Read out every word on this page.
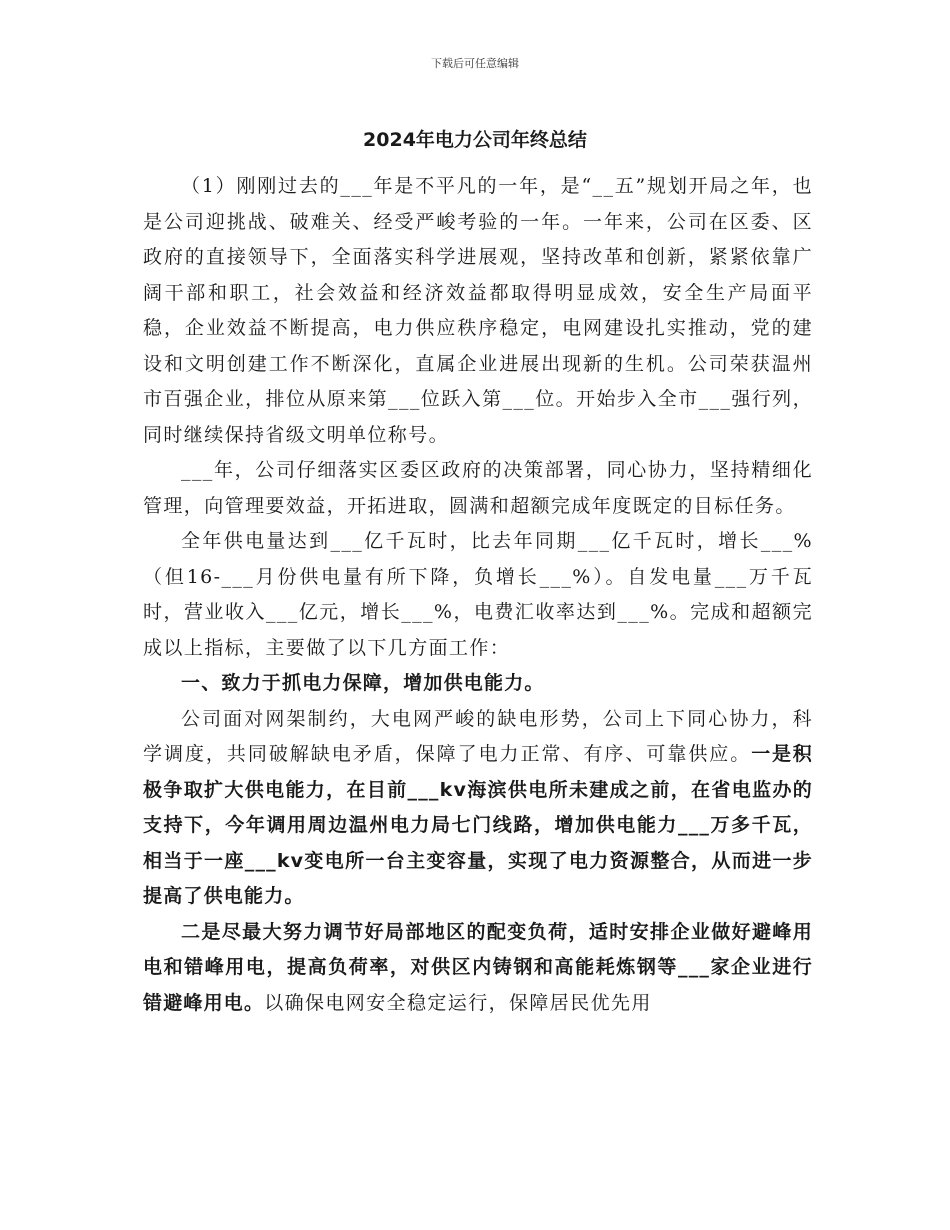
下载后可任意编辑
2024年电力公司年终总结

（1）刚刚过去的___年是不平凡的一年，是“__五”规划开局之年，也是公司迎挑战、破难关、经受严峻考验的一年。一年来，公司在区委、区政府的直接领导下，全面落实科学进展观，坚持改革和创新，紧紧依靠广阔干部和职工，社会效益和经济效益都取得明显成效，安全生产局面平稳，企业效益不断提高，电力供应秩序稳定，电网建设扎实推动，党的建设和文明创建工作不断深化，直属企业进展出现新的生机。公司荣获温州市百强企业，排位从原来第___位跃入第___位。开始步入全市___强行列，同时继续保持省级文明单位称号。

___年，公司仔细落实区委区政府的决策部署，同心协力，坚持精细化管理，向管理要效益，开拓进取，圆满和超额完成年度既定的目标任务。

全年供电量达到___亿千瓦时，比去年同期___亿千瓦时，增长___%（但16-___月份供电量有所下降，负增长___%）。自发电量___万千瓦时，营业收入___亿元，增长___%，电费汇收率达到___%。完成和超额完成以上指标，主要做了以下几方面工作：

一、致力于抓电力保障，增加供电能力。

公司面对网架制约，大电网严峻的缺电形势，公司上下同心协力，科学调度，共同破解缺电矛盾，保障了电力正常、有序、可靠供应。一是积极争取扩大供电能力，在目前___kv海滨供电所未建成之前，在省电监办的支持下，今年调用周边温州电力局七门线路，增加供电能力___万多千瓦，相当于一座___kv变电所一台主变容量，实现了电力资源整合，从而进一步提高了供电能力。

二是尽最大努力调节好局部地区的配变负荷，适时安排企业做好避峰用电和错峰用电，提高负荷率，对供区内铸钢和高能耗炼钢等___家企业进行错避峰用电。以确保电网安全稳定运行，保障居民优先用
